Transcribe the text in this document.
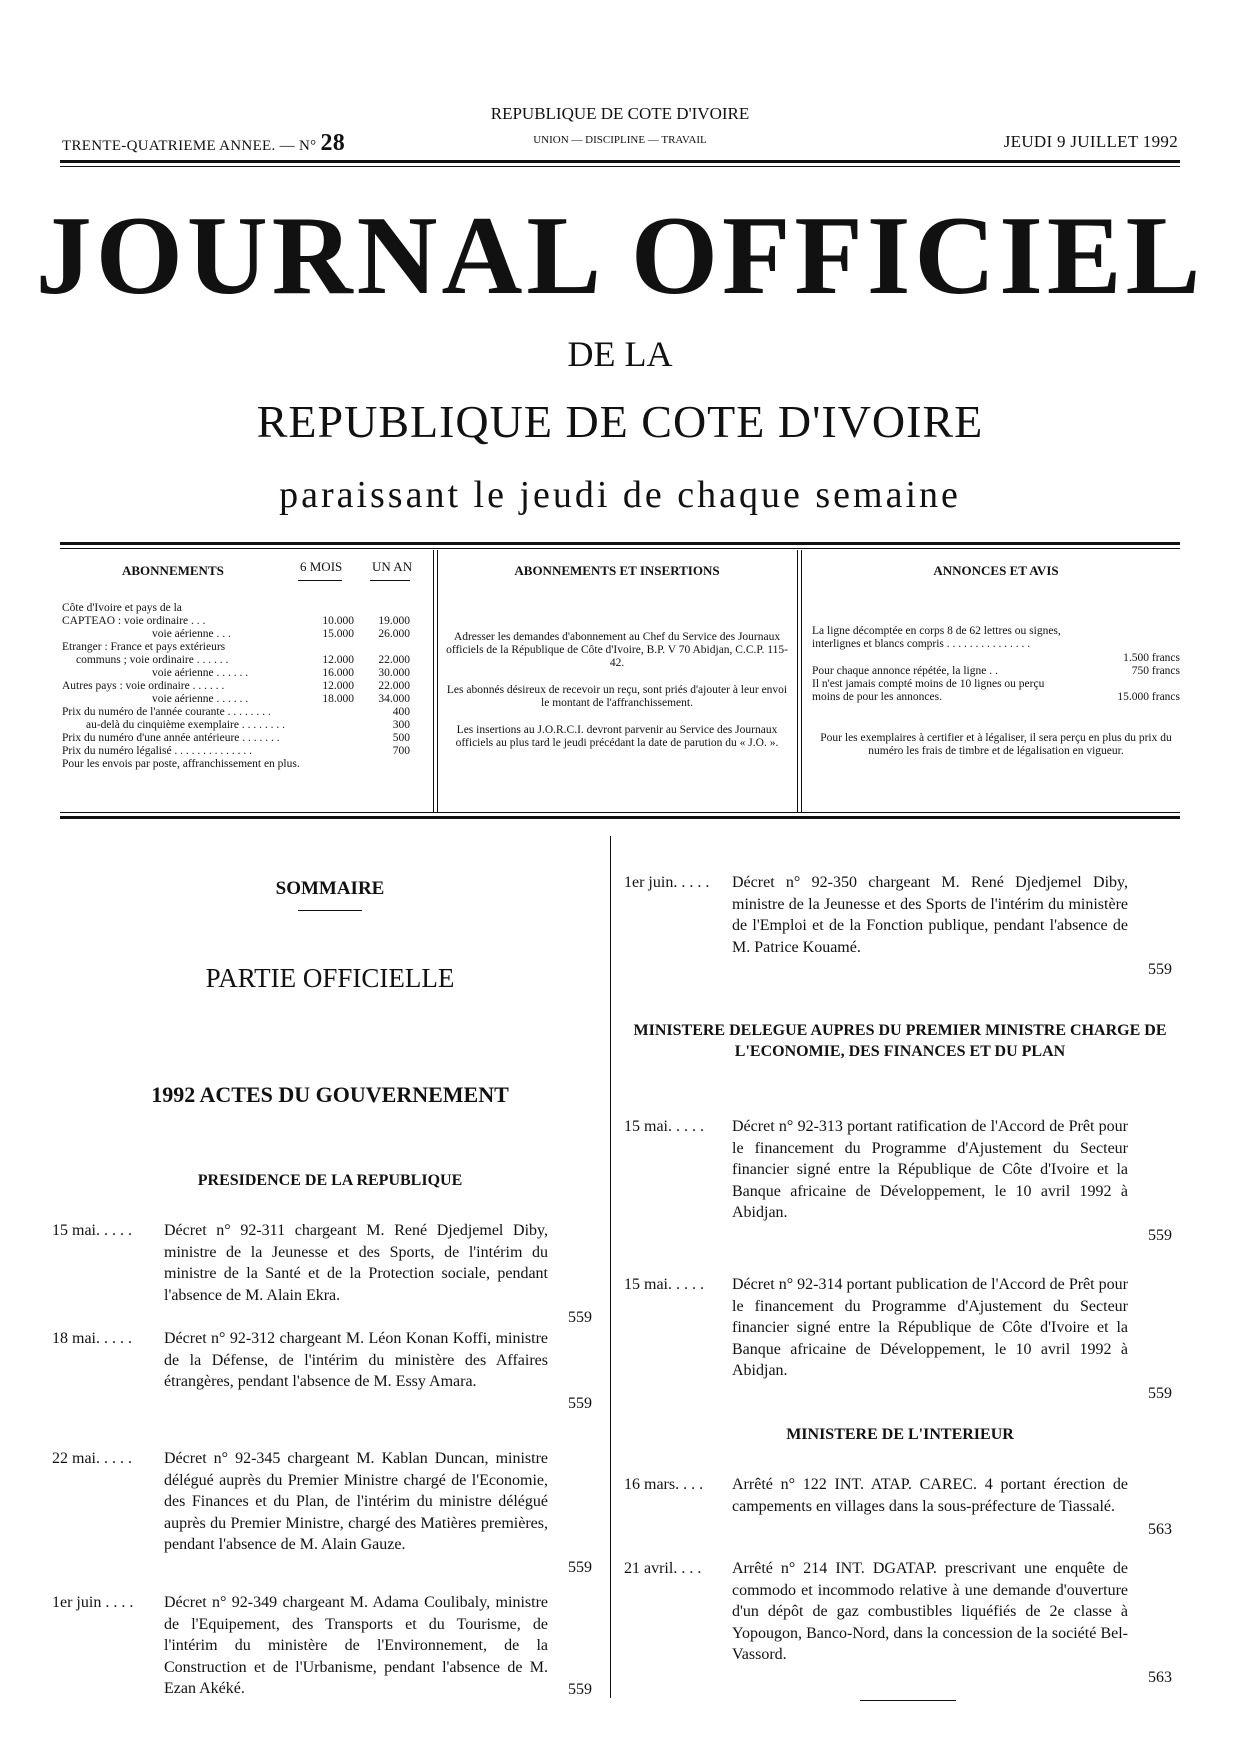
TRENTE-QUATRIEME ANNEE. — N° 28
REPUBLIQUE DE COTE D'IVOIRE
UNION — DISCIPLINE — TRAVAIL	JEUDI 9 JUILLET 1992
JOURNAL OFFICIEL
DE LA
REPUBLIQUE DE COTE D'IVOIRE
paraissant le jeudi de chaque semaine
ABONNEMENTS	6 MOIS UN AN
Côte d'Ivoire et pays de la
CAPTEAO : voie ordinaire . . .	10.000	19.000
voie aérienne . . .	15.000	26.000
Etranger : France et pays extérieurs
communs ; voie ordinaire . . . . . .	12.000	22.000
voie aérienne . . . . . .	16.000	30.000
Autres pays : voie ordinaire . . . . . .	12.000	22.000
voie aérienne . . . . . .	18.000	34.000
Prix du numéro de l'année courante . . . . . . . .	400
au-delà du cinquième exemplaire . . . . . . . .	300
Prix du numéro d'une année antérieure . . . . . . .	500
Prix du numéro légalisé . . . . . . . . . . . . . .	700
Pour les envois par poste, affranchissement en plus.
ABONNEMENTS ET INSERTIONS
Adresser les demandes d'abonnement au Chef du Service des Journaux officiels de la République de Côte d'Ivoire, B.P. V 70 Abidjan, C.C.P. 115-42.
Les abonnés désireux de recevoir un reçu, sont priés d'ajouter à leur envoi le montant de l'affranchissement.
Les insertions au J.O.R.C.I. devront parvenir au Service des Journaux officiels au plus tard le jeudi précédant la date de parution du « J.O. ».
ANNONCES ET AVIS
La ligne décomptée en corps 8 de 62 lettres ou signes, interlignes et blancs compris . . . . . . . . . . . . . . .
1.500 francs
Pour chaque annonce répétée, la ligne . .	750 francs
Il n'est jamais compté moins de 10 lignes ou perçu moins de pour les annonces.	15.000 francs
Pour les exemplaires à certifier et à légaliser, il sera perçu en plus du prix du numéro les frais de timbre et de légalisation en vigueur.
SOMMAIRE
PARTIE OFFICIELLE
1992 ACTES DU GOUVERNEMENT
PRESIDENCE DE LA REPUBLIQUE
15 mai. . . . . Décret n° 92-311 chargeant M. René Djedjemel Diby, ministre de la Jeunesse et des Sports, de l'intérim du ministre de la Santé et de la Protection sociale, pendant l'absence de M. Alain Ekra.
559
18 mai. . . . . Décret n° 92-312 chargeant M. Léon Konan Koffi, ministre de la Défense, de l'intérim du ministère des Affaires étrangères, pendant l'absence de M. Essy Amara.
559
22 mai. . . . . Décret n° 92-345 chargeant M. Kablan Duncan, ministre délégué auprès du Premier Ministre chargé de l'Economie, des Finances et du Plan, de l'intérim du ministre délégué auprès du Premier Ministre, chargé des Matières premières, pendant l'absence de M. Alain Gauze.
559
1er juin . . . . Décret n° 92-349 chargeant M. Adama Coulibaly, ministre de l'Equipement, des Transports et du Tourisme, de l'intérim du ministère de l'Environnement, de la Construction et de l'Urbanisme, pendant l'absence de M. Ezan Akéké.	559
1er juin. . . . . Décret n° 92-350 chargeant M. René Djedjemel Diby, ministre de la Jeunesse et des Sports de l'intérim du ministère de l'Emploi et de la Fonction publique, pendant l'absence de M. Patrice Kouamé.
559
MINISTERE DELEGUE AUPRES DU PREMIER MINISTRE CHARGE DE L'ECONOMIE, DES FINANCES ET DU PLAN
15 mai. . . . . Décret n° 92-313 portant ratification de l'Accord de Prêt pour le financement du Programme d'Ajustement du Secteur financier signé entre la République de Côte d'Ivoire et la Banque africaine de Développement, le 10 avril 1992 à Abidjan.
559
15 mai. . . . . Décret n° 92-314 portant publication de l'Accord de Prêt pour le financement du Programme d'Ajustement du Secteur financier signé entre la République de Côte d'Ivoire et la Banque africaine de Développement, le 10 avril 1992 à Abidjan.
559
MINISTERE DE L'INTERIEUR
16 mars. . . . Arrêté n° 122 INT. ATAP. CAREC. 4 portant érection de campements en villages dans la sous-préfecture de Tiassalé.
563
21 avril. . . . Arrêté n° 214 INT. DGATAP. prescrivant une enquête de commodo et incommodo relative à une demande d'ouverture d'un dépôt de gaz combustibles liquéfiés de 2e classe à Yopougon, Banco-Nord, dans la concession de la société Bel-Vassord.
563
